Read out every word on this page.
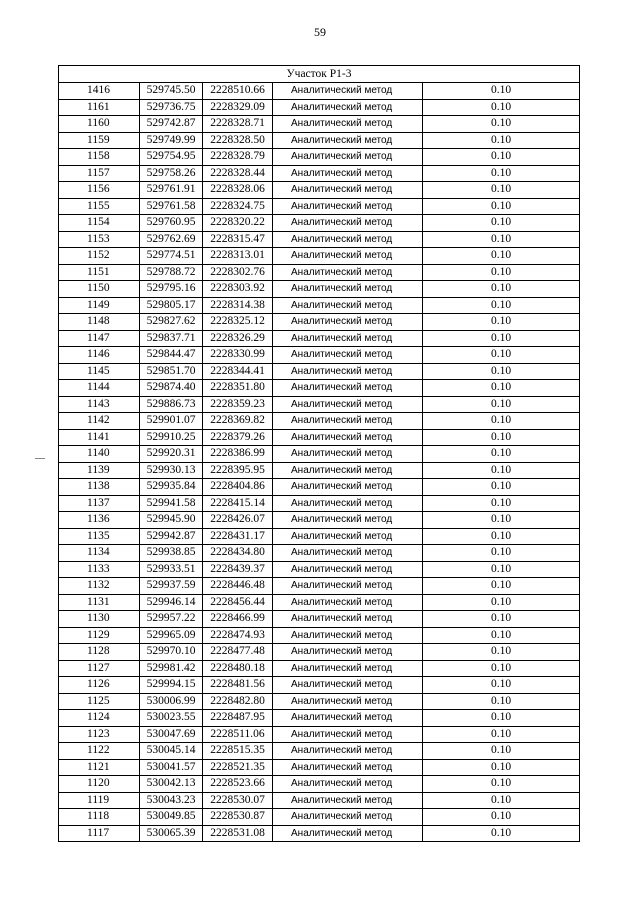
59
Участок Р1-3
1416	529745.50	2228510.66	Аналитический метод	0.10
1161	529736.75	2228329.09	Аналитический метод	0.10
1160	529742.87	2228328.71	Аналитический метод	0.10
1159	529749.99	2228328.50	Аналитический метод	0.10
1158	529754.95	2228328.79	Аналитический метод	0.10
1157	529758.26	2228328.44	Аналитический метод	0.10
1156	529761.91	2228328.06	Аналитический метод	0.10
1155	529761.58	2228324.75	Аналитический метод	0.10
1154	529760.95	2228320.22	Аналитический метод	0.10
1153	529762.69	2228315.47	Аналитический метод	0.10
1152	529774.51	2228313.01	Аналитический метод	0.10
1151	529788.72	2228302.76	Аналитический метод	0.10
1150	529795.16	2228303.92	Аналитический метод	0.10
1149	529805.17	2228314.38	Аналитический метод	0.10
1148	529827.62	2228325.12	Аналитический метод	0.10
1147	529837.71	2228326.29	Аналитический метод	0.10
1146	529844.47	2228330.99	Аналитический метод	0.10
1145	529851.70	2228344.41	Аналитический метод	0.10
1144	529874.40	2228351.80	Аналитический метод	0.10
1143	529886.73	2228359.23	Аналитический метод	0.10
1142	529901.07	2228369.82	Аналитический метод	0.10
1141	529910.25	2228379.26	Аналитический метод	0.10
1140	529920.31	2228386.99	Аналитический метод	0.10
1139	529930.13	2228395.95	Аналитический метод	0.10
1138	529935.84	2228404.86	Аналитический метод	0.10
1137	529941.58	2228415.14	Аналитический метод	0.10
1136	529945.90	2228426.07	Аналитический метод	0.10
1135	529942.87	2228431.17	Аналитический метод	0.10
1134	529938.85	2228434.80	Аналитический метод	0.10
1133	529933.51	2228439.37	Аналитический метод	0.10
1132	529937.59	2228446.48	Аналитический метод	0.10
1131	529946.14	2228456.44	Аналитический метод	0.10
1130	529957.22	2228466.99	Аналитический метод	0.10
1129	529965.09	2228474.93	Аналитический метод	0.10
1128	529970.10	2228477.48	Аналитический метод	0.10
1127	529981.42	2228480.18	Аналитический метод	0.10
1126	529994.15	2228481.56	Аналитический метод	0.10
1125	530006.99	2228482.80	Аналитический метод	0.10
1124	530023.55	2228487.95	Аналитический метод	0.10
1123	530047.69	2228511.06	Аналитический метод	0.10
1122	530045.14	2228515.35	Аналитический метод	0.10
1121	530041.57	2228521.35	Аналитический метод	0.10
1120	530042.13	2228523.66	Аналитический метод	0.10
1119	530043.23	2228530.07	Аналитический метод	0.10
1118	530049.85	2228530.87	Аналитический метод	0.10
1117	530065.39	2228531.08	Аналитический метод	0.10
